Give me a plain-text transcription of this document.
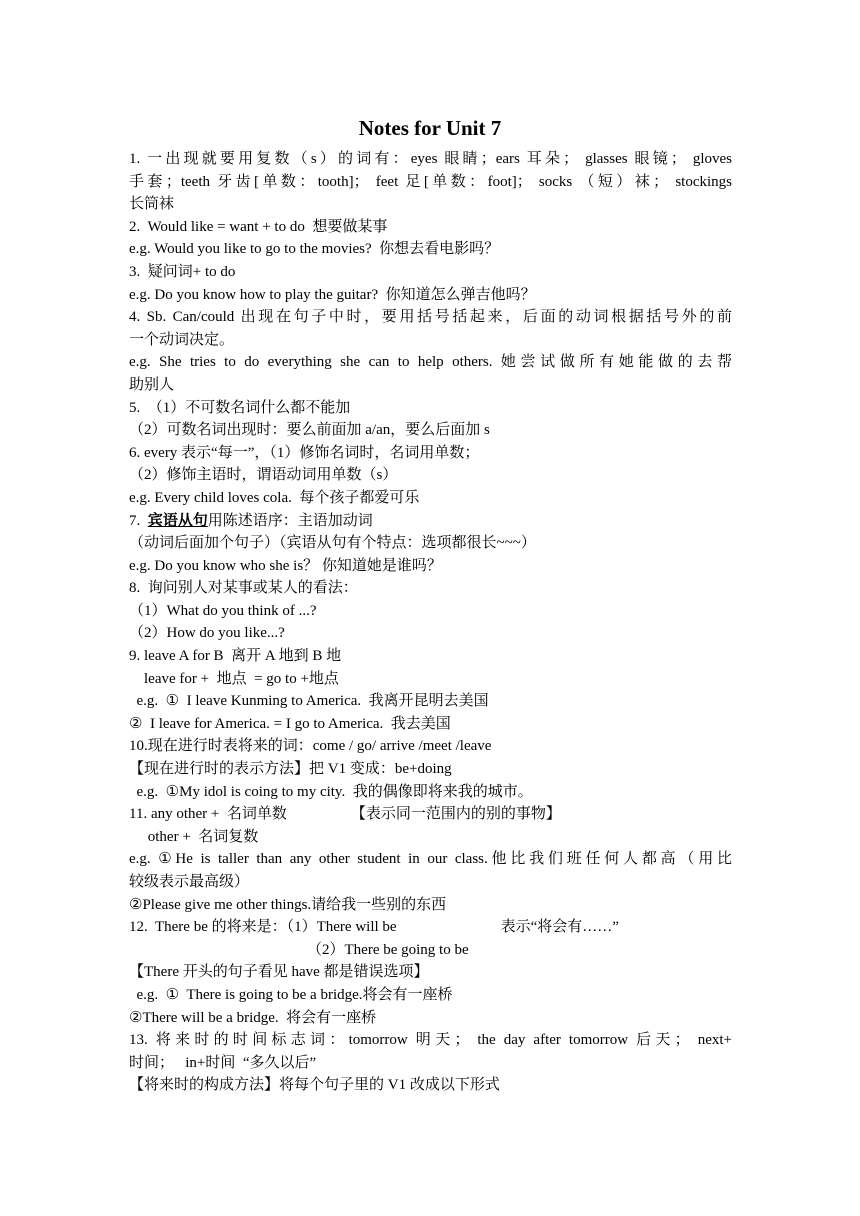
Notes for Unit 7
1. 一出现就要用复数（s）的词有：eyes 眼睛；ears 耳朵； glasses 眼镜； gloves
手套；teeth 牙齿[单数：tooth]； feet 足[单数：foot]； socks （短）袜； stockings
长筒袜
2.  Would like = want + to do  想要做某事
e.g. Would you like to go to the movies?  你想去看电影吗？
3.  疑问词+ to do
e.g. Do you know how to play the guitar?  你知道怎么弹吉他吗？
4. Sb. Can/could 出现在句子中时，要用括号括起来，后面的动词根据括号外的前
一个动词决定。
e.g. She tries to do everything she can to help others. 她尝试做所有她能做的去帮
助别人
5.  （1）不可数名词什么都不能加
（2）可数名词出现时：要么前面加 a/an，要么后面加 s
6. every 表示“每一”，（1）修饰名词时，名词用单数；
（2）修饰主语时，谓语动词用单数（s）
e.g. Every child loves cola.  每个孩子都爱可乐
7.  宾语从句用陈述语序：主语加动词
（动词后面加个句子）（宾语从句有个特点：选项都很长~~~）
e.g. Do you know who she is？ 你知道她是谁吗？
8.  询问别人对某事或某人的看法：
（1）What do you think of ...?
（2）How do you like...?
9. leave A for B  离开 A 地到 B 地
leave for +  地点  = go to +地点
e.g.  ①  I leave Kunming to America.  我离开昆明去美国
②  I leave for America. = I go to America.  我去美国
10.现在进行时表将来的词：come / go/ arrive /meet /leave
【现在进行时的表示方法】把 V1 变成：be+doing
e.g.  ①My idol is coing to my city.  我的偶像即将来我的城市。
11. any other +  名词单数	【表示同一范围内的别的事物】
other +  名词复数
e.g. ①He is taller than any other student in our class.他比我们班任何人都高（用比
较级表示最高级）
②Please give me other things.请给我一些别的东西
12.  There be 的将来是：（1）There will be	表示“将会有……”
（2）There be going to be
【There 开头的句子看见 have 都是错误选项】
e.g.  ①  There is going to be a bridge.将会有一座桥
②There will be a bridge.  将会有一座桥
13. 将来时的时间标志词：tomorrow 明天； the day after tomorrow 后天； next+
时间；   in+时间  “多久以后”
【将来时的构成方法】将每个句子里的 V1 改成以下形式
